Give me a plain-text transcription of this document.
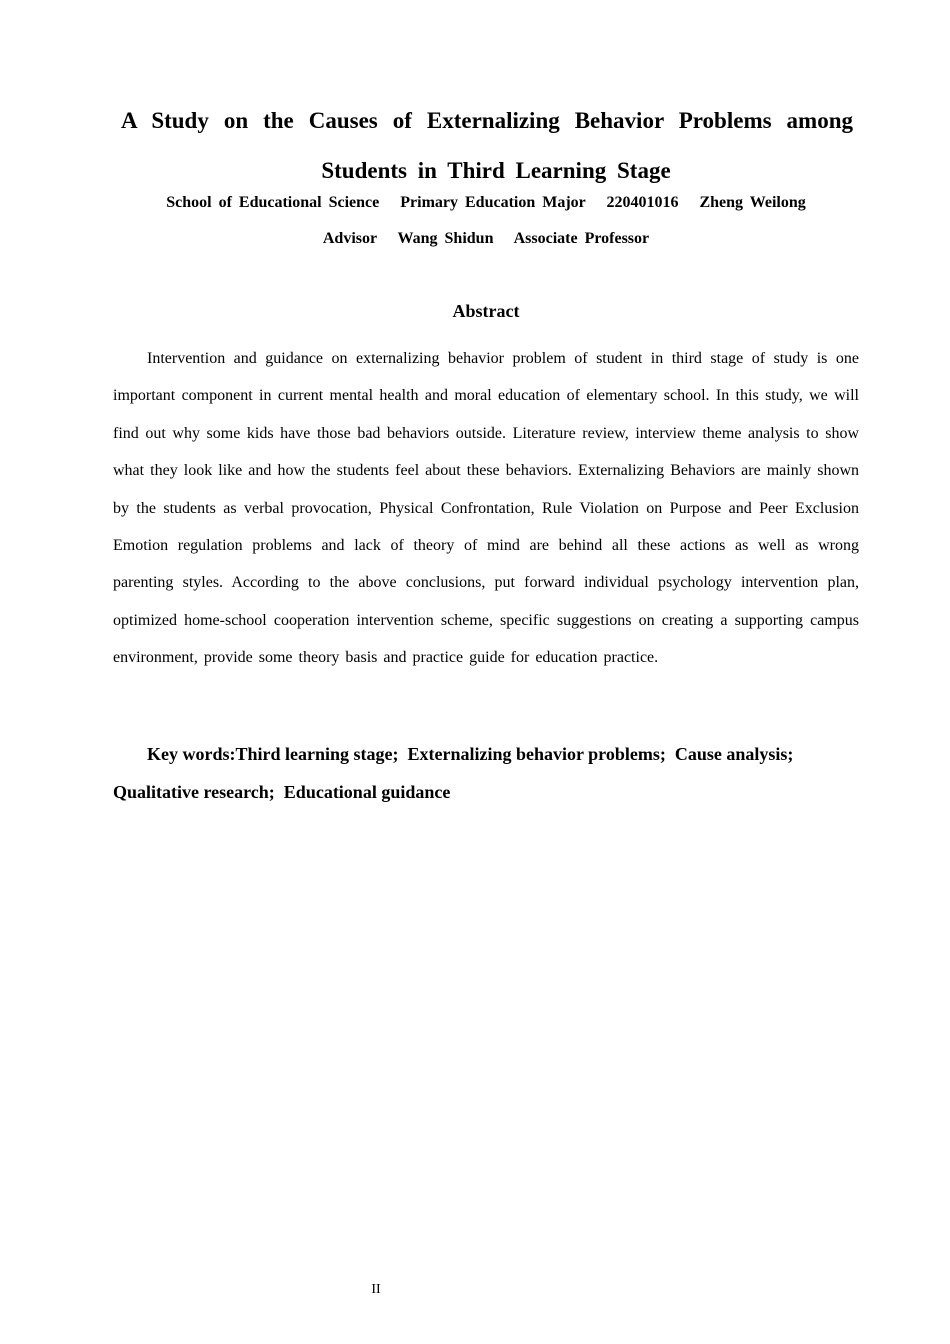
A Study on the Causes of Externalizing Behavior Problems among
Students in Third Learning Stage
School of Educational Science   Primary Education Major   220401016   Zheng Weilong
Advisor   Wang Shidun   Associate Professor
Abstract

Intervention and guidance on externalizing behavior problem of student in third stage of study is one important component in current mental health and moral education of elementary school. In this study, we will find out why some kids have those bad behaviors outside. Literature review, interview theme analysis to show what they look like and how the students feel about these behaviors. Externalizing Behaviors are mainly shown by the students as verbal provocation, Physical Confrontation, Rule Violation on Purpose and Peer Exclusion Emotion regulation problems and lack of theory of mind are behind all these actions as well as wrong parenting styles. According to the above conclusions, put forward individual psychology intervention plan, optimized home-school cooperation intervention scheme, specific suggestions on creating a supporting campus environment, provide some theory basis and practice guide for education practice.

Key words:Third learning stage;  Externalizing behavior problems;  Cause analysis;  Qualitative research;  Educational guidance

II
